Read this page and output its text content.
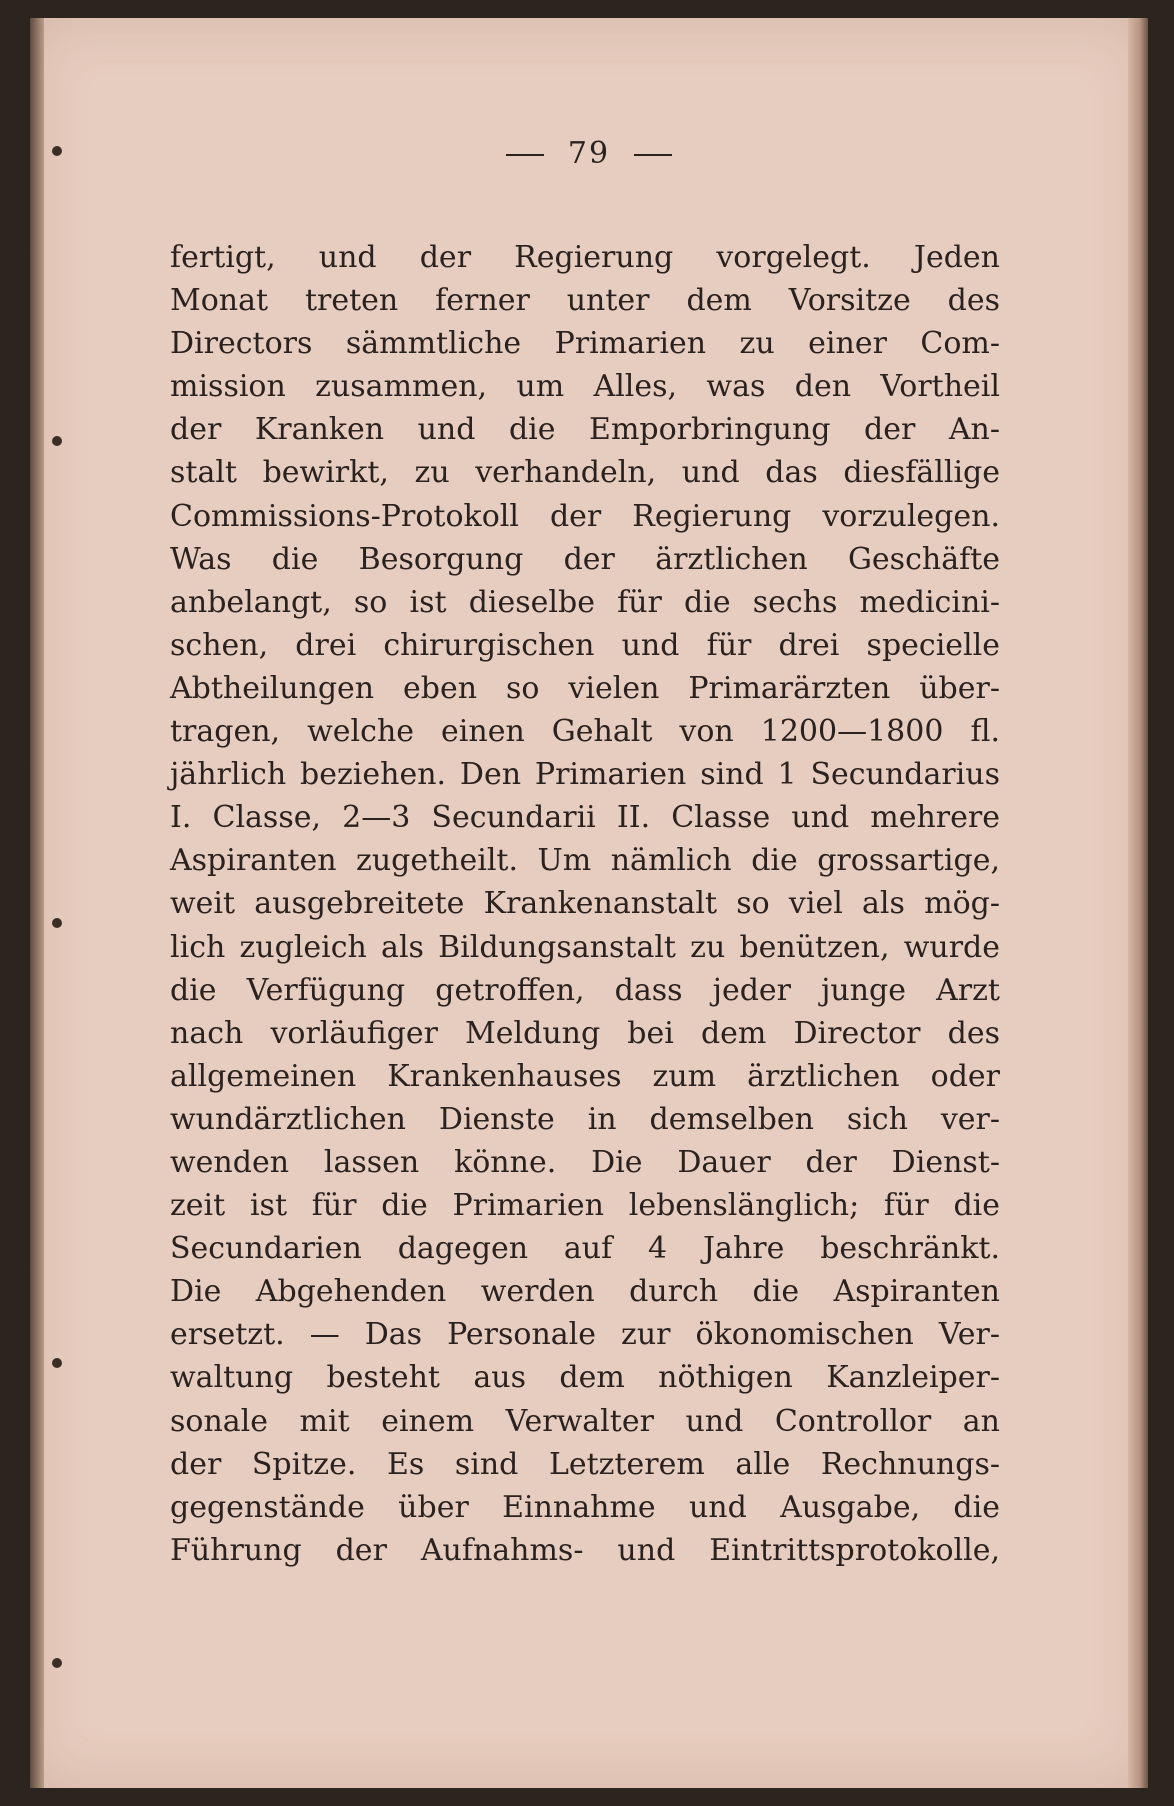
79
fertigt, und der Regierung vorgelegt. Jeden
Monat treten ferner unter dem Vorsitze des
Directors sämmtliche Primarien zu einer Com-
mission zusammen, um Alles, was den Vortheil
der Kranken und die Emporbringung der An-
stalt bewirkt, zu verhandeln, und das diesfällige
Commissions-Protokoll der Regierung vorzulegen.
Was die Besorgung der ärztlichen Geschäfte
anbelangt, so ist dieselbe für die sechs medicini-
schen, drei chirurgischen und für drei specielle
Abtheilungen eben so vielen Primarärzten über-
tragen, welche einen Gehalt von 1200—1800 fl.
jährlich beziehen. Den Primarien sind 1 Secundarius
I. Classe, 2—3 Secundarii II. Classe und mehrere
Aspiranten zugetheilt. Um nämlich die grossartige,
weit ausgebreitete Krankenanstalt so viel als mög-
lich zugleich als Bildungsanstalt zu benützen, wurde
die Verfügung getroffen, dass jeder junge Arzt
nach vorläufiger Meldung bei dem Director des
allgemeinen Krankenhauses zum ärztlichen oder
wundärztlichen Dienste in demselben sich ver-
wenden lassen könne. Die Dauer der Dienst-
zeit ist für die Primarien lebenslänglich; für die
Secundarien dagegen auf 4 Jahre beschränkt.
Die Abgehenden werden durch die Aspiranten
ersetzt. — Das Personale zur ökonomischen Ver-
waltung besteht aus dem nöthigen Kanzleiper-
sonale mit einem Verwalter und Controllor an
der Spitze. Es sind Letzterem alle Rechnungs-
gegenstände über Einnahme und Ausgabe, die
Führung der Aufnahms- und Eintrittsprotokolle,
